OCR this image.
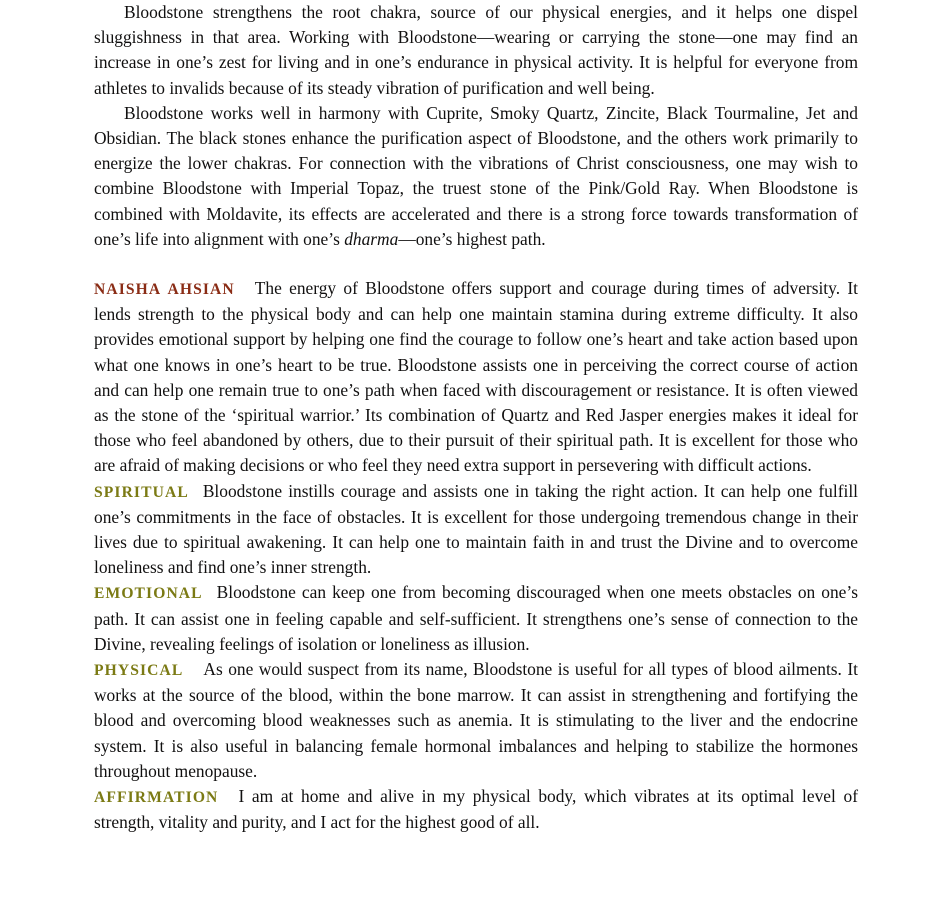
Bloodstone strengthens the root chakra, source of our physical energies, and it helps one dispel sluggishness in that area. Working with Bloodstone—wearing or carrying the stone—one may find an increase in one’s zest for living and in one’s endurance in physical activity. It is helpful for everyone from athletes to invalids because of its steady vibration of purification and well being.

Bloodstone works well in harmony with Cuprite, Smoky Quartz, Zincite, Black Tourmaline, Jet and Obsidian. The black stones enhance the purification aspect of Bloodstone, and the others work primarily to energize the lower chakras. For connection with the vibrations of Christ consciousness, one may wish to combine Bloodstone with Imperial Topaz, the truest stone of the Pink/Gold Ray. When Bloodstone is combined with Moldavite, its effects are accelerated and there is a strong force towards transformation of one’s life into alignment with one’s dharma—one’s highest path.

NAISHA AHSIAN The energy of Bloodstone offers support and courage during times of adversity. It lends strength to the physical body and can help one maintain stamina during extreme difficulty. It also provides emotional support by helping one find the courage to follow one’s heart and take action based upon what one knows in one’s heart to be true. Bloodstone assists one in perceiving the correct course of action and can help one remain true to one’s path when faced with discouragement or resistance. It is often viewed as the stone of the ‘spiritual warrior.’ Its combination of Quartz and Red Jasper energies makes it ideal for those who feel abandoned by others, due to their pursuit of their spiritual path. It is excellent for those who are afraid of making decisions or who feel they need extra support in persevering with difficult actions.

SPIRITUAL Bloodstone instills courage and assists one in taking the right action. It can help one fulfill one’s commitments in the face of obstacles. It is excellent for those undergoing tremendous change in their lives due to spiritual awakening. It can help one to maintain faith in and trust the Divine and to overcome loneliness and find one’s inner strength.

EMOTIONAL Bloodstone can keep one from becoming discouraged when one meets obstacles on one’s path. It can assist one in feeling capable and self-sufficient. It strengthens one’s sense of connection to the Divine, revealing feelings of isolation or loneliness as illusion.

PHYSICAL As one would suspect from its name, Bloodstone is useful for all types of blood ailments. It works at the source of the blood, within the bone marrow. It can assist in strengthening and fortifying the blood and overcoming blood weaknesses such as anemia. It is stimulating to the liver and the endocrine system. It is also useful in balancing female hormonal imbalances and helping to stabilize the hormones throughout menopause.

AFFIRMATION I am at home and alive in my physical body, which vibrates at its optimal level of strength, vitality and purity, and I act for the highest good of all.
